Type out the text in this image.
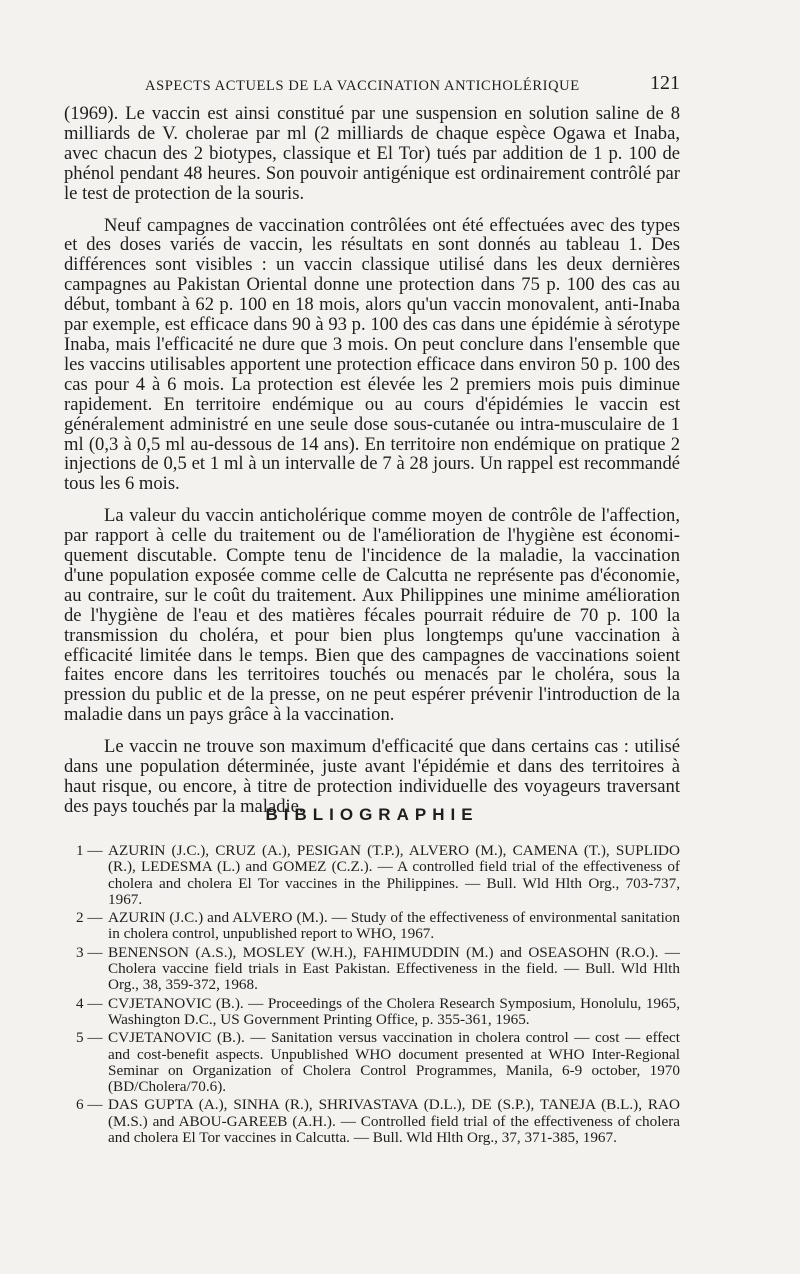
ASPECTS ACTUELS DE LA VACCINATION ANTICHOLÉRIQUE	121

(1969). Le vaccin est ainsi constitué par une suspension en solution saline de 8 milliards de V. cholerae par ml (2 milliards de chaque espèce Ogawa et Inaba, avec chacun des 2 biotypes, classique et El Tor) tués par addition de 1 p. 100 de phénol pendant 48 heures. Son pouvoir antigénique est ordinairement contrôlé par le test de protection de la souris.

Neuf campagnes de vaccination contrôlées ont été effectuées avec des types et des doses variés de vaccin, les résultats en sont donnés au tableau 1. Des différences sont visibles : un vaccin classique utilisé dans les deux dernières campagnes au Pakistan Oriental donne une protection dans 75 p. 100 des cas au début, tombant à 62 p. 100 en 18 mois, alors qu'un vaccin monovalent, anti-Inaba par exemple, est efficace dans 90 à 93 p. 100 des cas dans une épidémie à sérotype Inaba, mais l'efficacité ne dure que 3 mois. On peut conclure dans l'ensemble que les vaccins utilisables apportent une protection efficace dans environ 50 p. 100 des cas pour 4 à 6 mois. La protection est élevée les 2 premiers mois puis diminue rapidement. En territoire endémique ou au cours d'épidémies le vaccin est généralement administré en une seule dose sous-cutanée ou intra-musculaire de 1 ml (0,3 à 0,5 ml au-dessous de 14 ans). En territoire non endémique on pratique 2 injections de 0,5 et 1 ml à un intervalle de 7 à 28 jours. Un rappel est recommandé tous les 6 mois.

La valeur du vaccin anticholérique comme moyen de contrôle de l'affection, par rapport à celle du traitement ou de l'amélioration de l'hygiène est économiquement discutable. Compte tenu de l'incidence de la maladie, la vaccination d'une population exposée comme celle de Calcutta ne représente pas d'économie, au contraire, sur le coût du traitement. Aux Philippines une minime amélioration de l'hygiène de l'eau et des matières fécales pourrait réduire de 70 p. 100 la transmission du choléra, et pour bien plus longtemps qu'une vaccination à efficacité limitée dans le temps. Bien que des campagnes de vaccinations soient faites encore dans les territoires touchés ou menacés par le choléra, sous la pression du public et de la presse, on ne peut espérer prévenir l'introduction de la maladie dans un pays grâce à la vaccination.

Le vaccin ne trouve son maximum d'efficacité que dans certains cas : utilisé dans une population déterminée, juste avant l'épidémie et dans des territoires à haut risque, ou encore, à titre de protection individuelle des voyageurs traversant des pays touchés par la maladie.

BIBLIOGRAPHIE
1 — AZURIN (J.C.), CRUZ (A.), PESIGAN (T.P.), ALVERO (M.), CAMENA (T.), SUPLIDO (R.), LEDESMA (L.) and GOMEZ (C.Z.). — A controlled field trial of the effectiveness of cholera and cholera El Tor vaccines in the Philippines. — Bull. Wld Hlth Org., 703-737, 1967.
2 — AZURIN (J.C.) and ALVERO (M.). — Study of the effectiveness of environmental sanitation in cholera control, unpublished report to WHO, 1967.
3 — BENENSON (A.S.), MOSLEY (W.H.), FAHIMUDDIN (M.) and OSEASOHN (R.O.). — Cholera vaccine field trials in East Pakistan. Effectiveness in the field. — Bull. Wld Hlth Org., 38, 359-372, 1968.
4 — CVJETANOVIC (B.). — Proceedings of the Cholera Research Symposium, Honolulu, 1965, Washington D.C., US Government Printing Office, p. 355-361, 1965.
5 — CVJETANOVIC (B.). — Sanitation versus vaccination in cholera control — cost — effect and cost-benefit aspects. Unpublished WHO document presented at WHO Inter-Regional Seminar on Organization of Cholera Control Programmes, Manila, 6-9 october, 1970 (BD/Cholera/70.6).
6 — DAS GUPTA (A.), SINHA (R.), SHRIVASTAVA (D.L.), DE (S.P.), TANEJA (B.L.), RAO (M.S.) and ABOU-GAREEB (A.H.). — Controlled field trial of the effectiveness of cholera and cholera El Tor vaccines in Calcutta. — Bull. Wld Hlth Org., 37, 371-385, 1967.
